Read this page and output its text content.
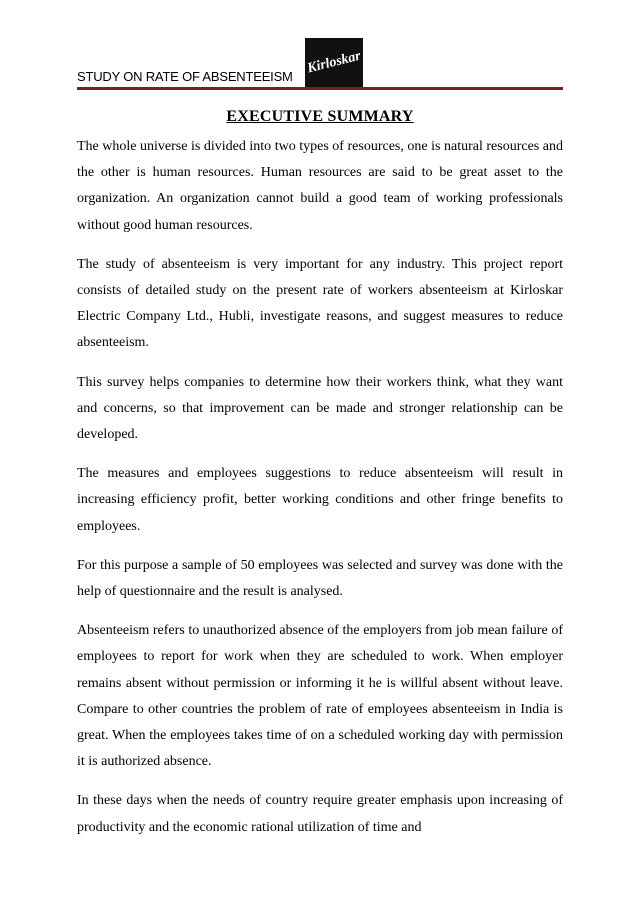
STUDY ON RATE OF ABSENTEEISM
Kirloskar
EXECUTIVE SUMMARY

The whole universe is divided into two types of resources, one is natural resources and the other is human resources. Human resources are said to be great asset to the organization. An organization cannot build a good team of working professionals without good human resources.

The study of absenteeism is very important for any industry. This project report consists of detailed study on the present rate of workers absenteeism at Kirloskar Electric Company Ltd., Hubli, investigate reasons, and suggest measures to reduce absenteeism.

This survey helps companies to determine how their workers think, what they want and concerns, so that improvement can be made and stronger relationship can be developed.

The measures and employees suggestions to reduce absenteeism will result in increasing efficiency profit, better working conditions and other fringe benefits to employees.

For this purpose a sample of 50 employees was selected and survey was done with the help of questionnaire and the result is analysed.

Absenteeism refers to unauthorized absence of the employers from job mean failure of employees to report for work when they are scheduled to work. When employer remains absent without permission or informing it he is willful absent without leave. Compare to other countries the problem of rate of employees absenteeism in India is great. When the employees takes time of on a scheduled working day with permission it is authorized absence.

In these days when the needs of country require greater emphasis upon increasing of productivity and the economic rational utilization of time and
